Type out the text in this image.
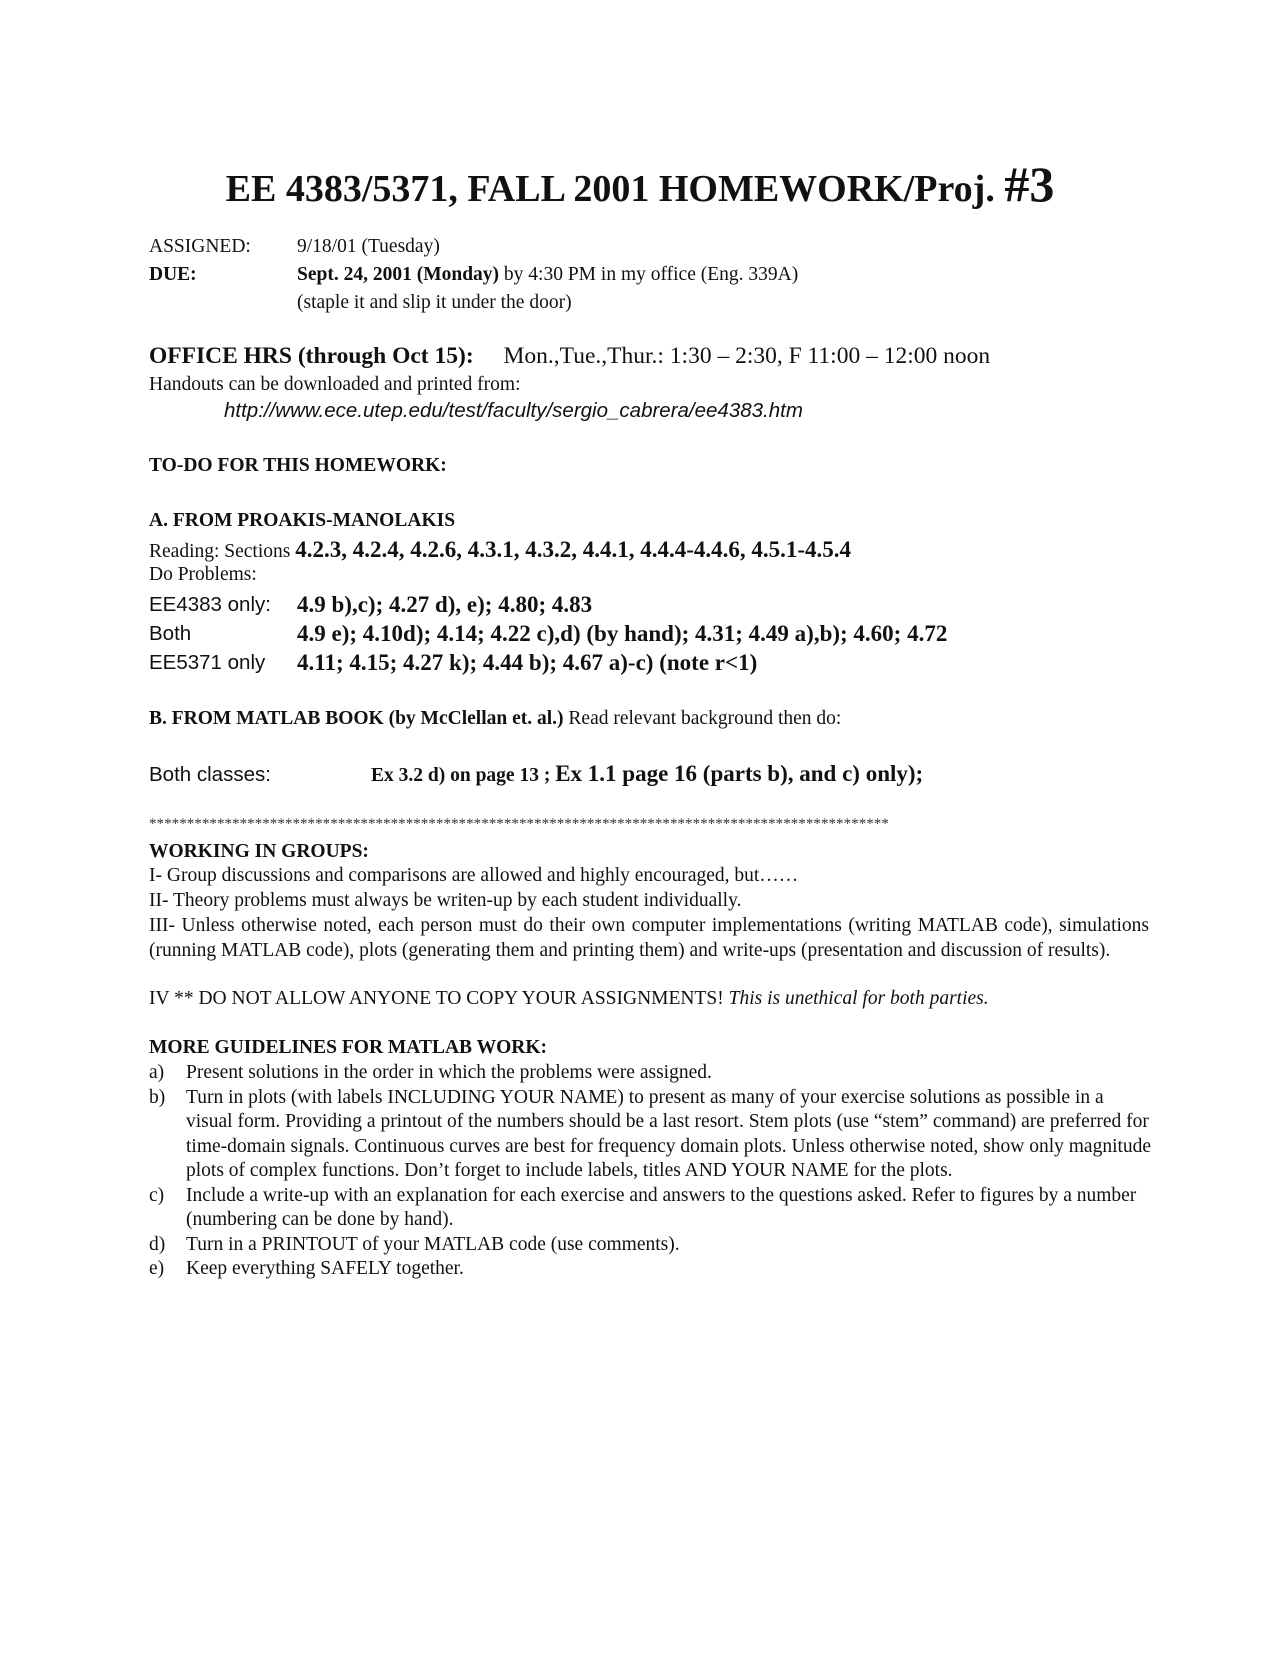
EE 4383/5371, FALL 2001 HOMEWORK/Proj. #3
ASSIGNED: 9/18/01 (Tuesday)
DUE:	Sept. 24, 2001 (Monday) by 4:30 PM in my office (Eng. 339A)
(staple it and slip it under the door)
OFFICE HRS (through Oct 15): Mon.,Tue.,Thur.: 1:30 – 2:30, F 11:00 – 12:00 noon
Handouts can be downloaded and printed from:
http://www.ece.utep.edu/test/faculty/sergio_cabrera/ee4383.htm
TO-DO FOR THIS HOMEWORK:
A. FROM PROAKIS-MANOLAKIS
Reading: Sections 4.2.3, 4.2.4, 4.2.6, 4.3.1, 4.3.2, 4.4.1, 4.4.4-4.4.6, 4.5.1-4.5.4
Do Problems:
EE4383 only: 4.9 b),c); 4.27 d), e); 4.80; 4.83
Both	4.9 e); 4.10d); 4.14; 4.22 c),d) (by hand); 4.31; 4.49 a),b); 4.60; 4.72
EE5371 only 4.11; 4.15; 4.27 k); 4.44 b); 4.67 a)-c) (note r<1)
B. FROM MATLAB BOOK (by McClellan et. al.) Read relevant background then do:
Both classes:	Ex 3.2 d) on page 13 ; Ex 1.1 page 16 (parts b), and c) only);
**************************************************************************************************
WORKING IN GROUPS:
I- Group discussions and comparisons are allowed and highly encouraged, but……
II- Theory problems must always be writen-up by each student individually.
III- Unless otherwise noted, each person must do their own computer implementations (writing MATLAB code), simulations (running MATLAB code), plots (generating them and printing them) and write-ups (presentation and discussion of results).
IV ** DO NOT ALLOW ANYONE TO COPY YOUR ASSIGNMENTS! This is unethical for both parties.
MORE GUIDELINES FOR MATLAB WORK:
a) Present solutions in the order in which the problems were assigned.
b) Turn in plots (with labels INCLUDING YOUR NAME) to present as many of your exercise solutions as possible in a visual form. Providing a printout of the numbers should be a last resort. Stem plots (use “stem” command) are preferred for time-domain signals. Continuous curves are best for frequency domain plots. Unless otherwise noted, show only magnitude plots of complex functions. Don’t forget to include labels, titles AND YOUR NAME for the plots.
c) Include a write-up with an explanation for each exercise and answers to the questions asked. Refer to figures by a number (numbering can be done by hand).
d) Turn in a PRINTOUT of your MATLAB code (use comments).
e) Keep everything SAFELY together.
